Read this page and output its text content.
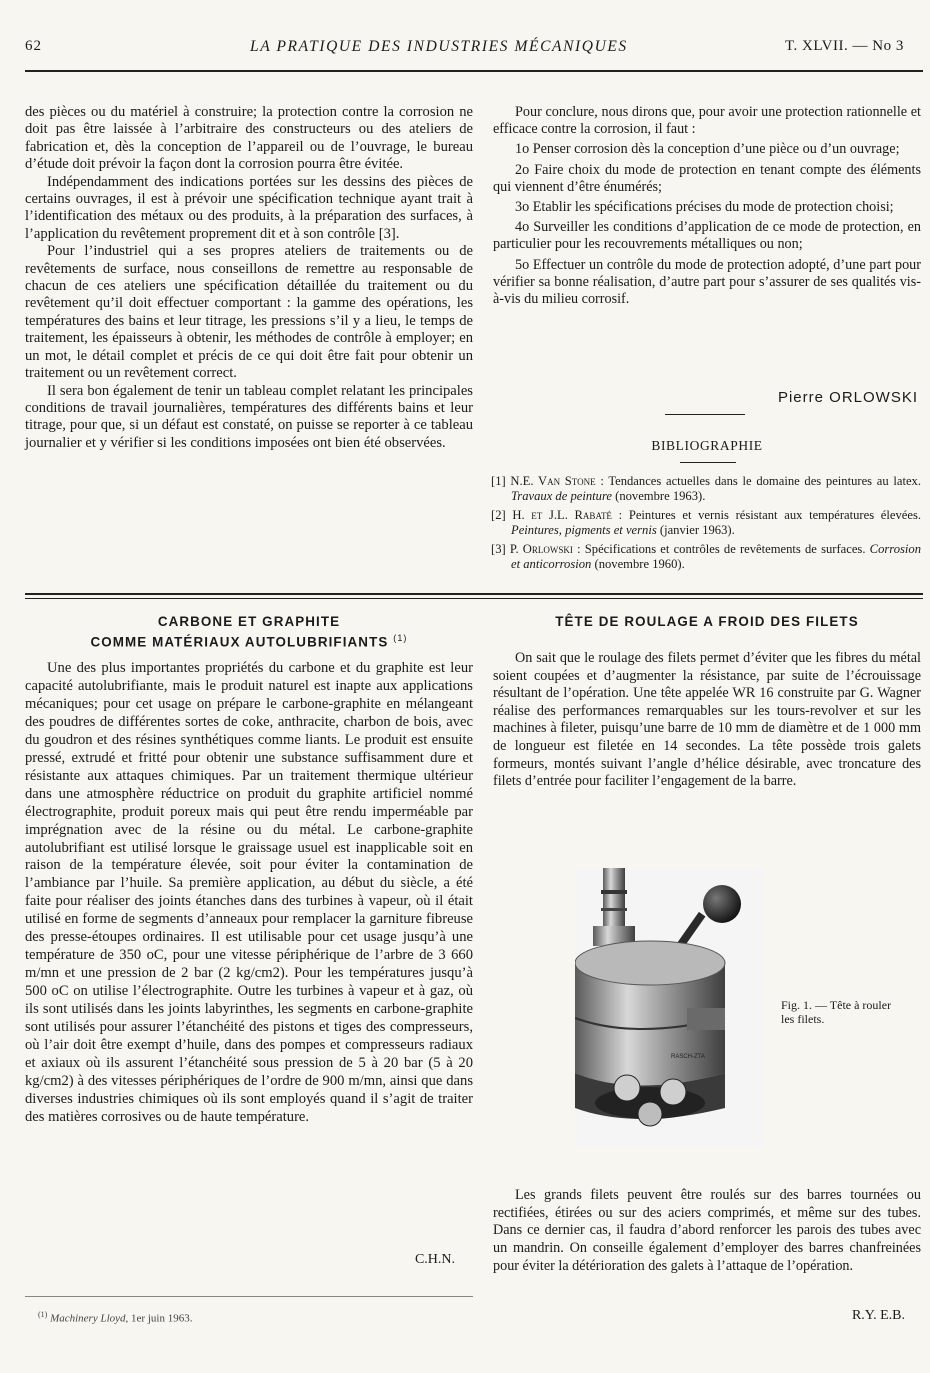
62	LA PRATIQUE DES INDUSTRIES MÉCANIQUES	T. XLVII. — No 3

des pièces ou du matériel à construire; la protection contre la corrosion ne doit pas être laissée à l’arbitraire des constructeurs ou des ateliers de fabrication et, dès la conception de l’appareil ou de l’ouvrage, le bureau d’étude doit prévoir la façon dont la corrosion pourra être évitée.

Indépendamment des indications portées sur les dessins des pièces de certains ouvrages, il est à prévoir une spécification technique ayant trait à l’identification des métaux ou des produits, à la préparation des surfaces, à l’application du revêtement proprement dit et à son contrôle [3].

Pour l’industriel qui a ses propres ateliers de traitements ou de revêtements de surface, nous conseillons de remettre au responsable de chacun de ces ateliers une spécification détaillée du traitement ou du revêtement qu’il doit effectuer comportant : la gamme des opérations, les températures des bains et leur titrage, les pressions s’il y a lieu, le temps de traitement, les épaisseurs à obtenir, les méthodes de contrôle à employer; en un mot, le détail complet et précis de ce qui doit être fait pour obtenir un traitement ou un revêtement correct.

Il sera bon également de tenir un tableau complet relatant les principales conditions de travail journalières, températures des différents bains et leur titrage, pour que, si un défaut est constaté, on puisse se reporter à ce tableau journalier et y vérifier si les conditions imposées ont bien été observées.

Pour conclure, nous dirons que, pour avoir une protection rationnelle et efficace contre la corrosion, il faut :

1o Penser corrosion dès la conception d’une pièce ou d’un ouvrage;

2o Faire choix du mode de protection en tenant compte des éléments qui viennent d’être énumérés;

3o Etablir les spécifications précises du mode de protection choisi;

4o Surveiller les conditions d’application de ce mode de protection, en particulier pour les recouvrements métalliques ou non;

5o Effectuer un contrôle du mode de protection adopté, d’une part pour vérifier sa bonne réalisation, d’autre part pour s’assurer de ses qualités vis-à-vis du milieu corrosif.

Pierre ORLOWSKI
BIBLIOGRAPHIE

[1] N.E. Van Stone : Tendances actuelles dans le domaine des peintures au latex. Travaux de peinture (novembre 1963).

[2] H. et J.L. Rabaté : Peintures et vernis résistant aux températures élevées. Peintures, pigments et vernis (janvier 1963).

[3] P. Orlowski : Spécifications et contrôles de revêtements de surfaces. Corrosion et anticorrosion (novembre 1960).

CARBONE ET GRAPHITE
COMME MATÉRIAUX AUTOLUBRIFIANTS $^{(1)}$

Une des plus importantes propriétés du carbone et du graphite est leur capacité autolubrifiante, mais le produit naturel est inapte aux applications mécaniques; pour cet usage on prépare le carbone-graphite en mélangeant des poudres de différentes sortes de coke, anthracite, charbon de bois, avec du goudron et des résines synthétiques comme liants. Le produit est ensuite pressé, extrudé et fritté pour obtenir une substance suffisamment dure et résistante aux attaques chimiques. Par un traitement thermique ultérieur dans une atmosphère réductrice on produit du graphite artificiel nommé électrographite, produit poreux mais qui peut être rendu imperméable par imprégnation avec de la résine ou du métal. Le carbone-graphite autolubrifiant est utilisé lorsque le graissage usuel est inapplicable soit en raison de la température élevée, soit pour éviter la contamination de l’ambiance par l’huile. Sa première application, au début du siècle, a été faite pour réaliser des joints étanches dans des turbines à vapeur, où il était utilisé en forme de segments d’anneaux pour remplacer la garniture fibreuse des presse-étoupes ordinaires. Il est utilisable pour cet usage jusqu’à une température de 350 oC, pour une vitesse périphérique de l’arbre de 3 660 m/mn et une pression de 2 bar (2 kg/cm2). Pour les températures jusqu’à 500 oC on utilise l’électrographite. Outre les turbines à vapeur et à gaz, où ils sont utilisés dans les joints labyrinthes, les segments en carbone-graphite sont utilisés pour assurer l’étanchéité des pistons et tiges des compresseurs, où l’air doit être exempt d’huile, dans des pompes et compresseurs radiaux et axiaux où ils assurent l’étanchéité sous pression de 5 à 20 bar (5 à 20 kg/cm2) à des vitesses périphériques de l’ordre de 900 m/mn, ainsi que dans diverses industries chimiques où ils sont employés quand il s’agit de traiter des matières corrosives ou de haute température.

C.H.N.
$^{(1)}$ Machinery Lloyd, 1er juin 1963.
TÊTE DE ROULAGE A FROID DES FILETS

On sait que le roulage des filets permet d’éviter que les fibres du métal soient coupées et d’augmenter la résistance, par suite de l’écrouissage résultant de l’opération. Une tête appelée WR 16 construite par G. Wagner réalise des performances remarquables sur les tours-revolver et sur les machines à fileter, puisqu’une barre de 10 mm de diamètre et de 1 000 mm de longueur est filetée en 14 secondes. La tête possède trois galets formeurs, montés suivant l’angle d’hélice désirable, avec troncature des filets d’entrée pour faciliter l’engagement de la barre.

RASCH-ZTA
Fig. 1. — Tête à rouler les filets.

Les grands filets peuvent être roulés sur des barres tournées ou rectifiées, étirées ou sur des aciers comprimés, et même sur des tubes. Dans ce dernier cas, il faudra d’abord renforcer les parois des tubes avec un mandrin. On conseille également d’employer des barres chanfreinées pour éviter la détérioration des galets à l’attaque de l’opération.

R.Y. E.B.
